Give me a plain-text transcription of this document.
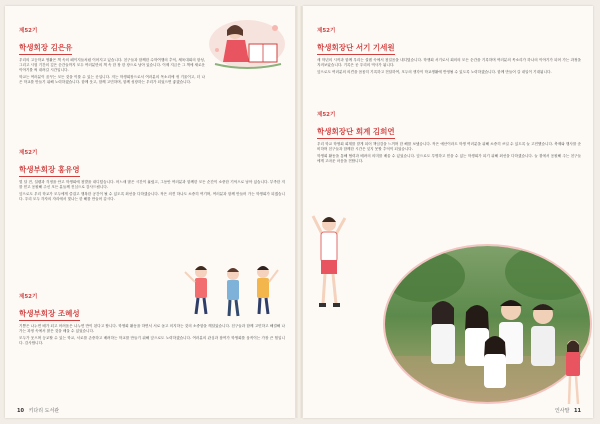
제52기
학생회장 김은유

우리의 고등학교 생활은 책 속의 페이지들처럼 이어지고 있습니다. 친구들과 함께한 수학여행의 추억, 체육대회의 함성, 그리고 시험 기간의 깊은 순간들까지 모두 여러분만의 책 속 한 장 한 장으로 남아 있습니다. 이제 지금은 그 책에 새로운 이야기를 써 내려갈 시간입니다.

학교는 여러분이 꿈꾸는 모든 것을 이룰 수 있는 곳입니다. 저는 학생회장으로서 여러분의 목소리에 귀 기울이고, 더 나은 학교를 만들기 위해 노력하겠습니다. 함께 웃고, 함께 고민하며, 함께 성장하는 우리가 되었으면 좋겠습니다.

제52기
학생부회장 홍유영

몇 달 전, 설렘과 걱정을 안고 학생회에 첫발을 내디뎠습니다. 어느새 많은 시간이 흘렀고, 그동안 여러분과 함께한 모든 순간이 소중한 기억으로 남아 있습니다. 부족한 저를 믿고 응원해 주신 모든 분들께 진심으로 감사드립니다.

앞으로도 우리 학교가 모두에게 즐겁고 행복한 공간이 될 수 있도록 최선을 다하겠습니다. 작은 의견 하나도 소중히 여기며, 여러분과 함께 만들어 가는 학생회가 되겠습니다. 우리 모두 각자의 자리에서 빛나는 한 해를 만들어 갑시다.

제52기
학생부회장 조혜성

기쁨은 나누면 배가 되고 어려움은 나누면 반이 된다고 합니다. 학생회 활동을 하면서 서로 돕고 의지하는 것의 소중함을 깨달았습니다. 친구들과 함께 고민하고 해결해 나가는 과정 속에서 많은 것을 배울 수 있었습니다.

모두가 웃으며 등교할 수 있는 학교, 서로를 존중하고 배려하는 학교를 만들기 위해 앞으로도 노력하겠습니다. 여러분의 관심과 참여가 학생회를 움직이는 가장 큰 힘입니다. 감사합니다.

10 키다리 도서관
제52기
학생회장단 서기 기세원

새 학년의 시작과 함께 우리는 설렘 속에서 첫걸음을 내디뎠습니다. 학생회 서기로서 회의의 모든 순간을 기록하며 여러분의 목소리가 하나의 이야기가 되어 가는 과정을 지켜보았습니다. 기록은 곧 우리의 역사가 됩니다.

앞으로도 여러분의 의견을 꼼꼼히 기록하고 전달하여, 모두의 생각이 학교생활에 반영될 수 있도록 노력하겠습니다. 함께 만들어 갈 내일이 기대됩니다.

제52기
학생회장단 회계 김희연

우리 학교 학생회 회계를 맡게 되어 책임감을 느끼며 한 해를 보냈습니다. 작은 예산이라도 학생 여러분을 위해 소중히 쓰일 수 있도록 늘 고민했습니다. 축제와 행사를 준비하며 친구들과 함께한 시간은 잊지 못할 추억이 되었습니다.

학생회 활동을 통해 협력과 배려의 의미를 배울 수 있었습니다. 앞으로도 투명하고 믿을 수 있는 학생회가 되기 위해 최선을 다하겠습니다. 늘 곁에서 응원해 주는 친구들에게 고마운 마음을 전합니다.

인사말 11
